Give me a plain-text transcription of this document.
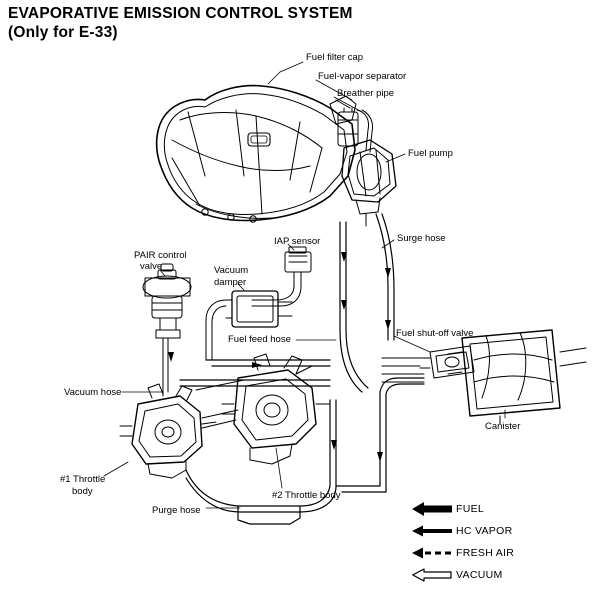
EVAPORATIVE EMISSION CONTROL SYSTEM
(Only for E-33)
Fuel filter cap
Fuel-vapor separator
Breather pipe
Fuel pump
Surge hose
IAP sensor
PAIR control
valve	Vacuum
damper
Fuel shut-off valve
Fuel feed hose
Vacuum hose
Canister
#1 Throttle
body	#2 Throttle body
Purge hose	FUEL
HC VAPOR
FRESH AIR
VACUUM
